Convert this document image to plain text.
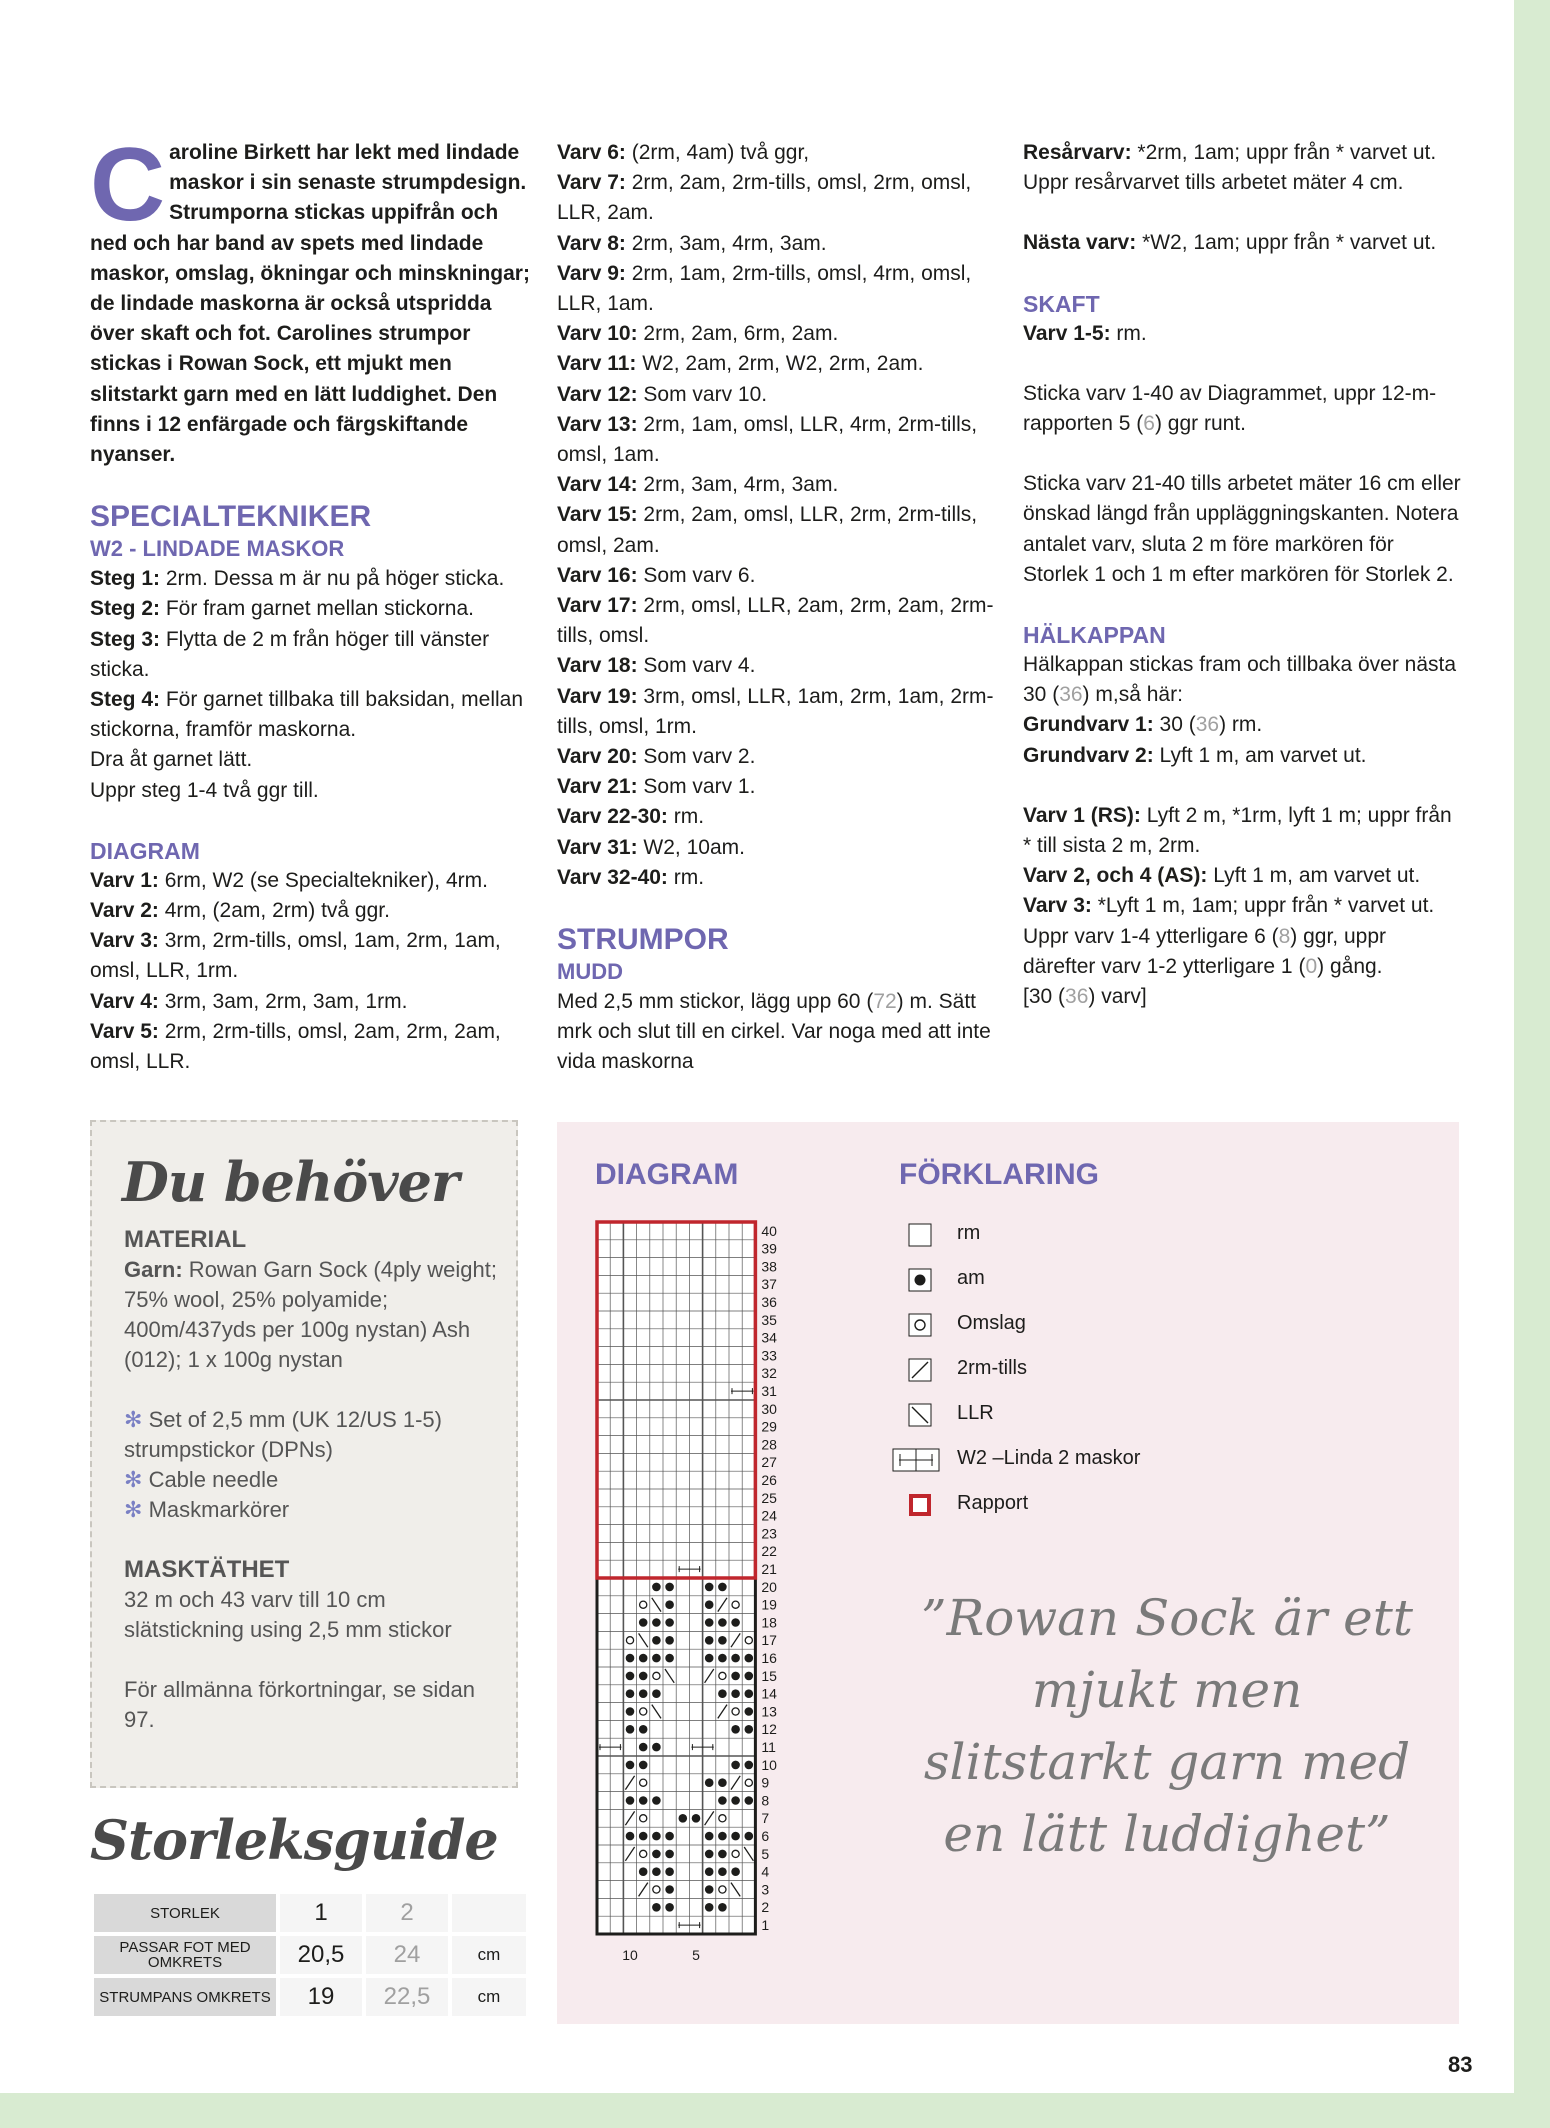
Caroline Birkett har lekt med lindade maskor i sin senaste strumpdesign. Strumporna stickas uppifrån och ned och har band av spets med lindade maskor, omslag, ökningar och minskningar; de lindade maskorna är också utspridda över skaft och fot. Carolines strumpor stickas i Rowan Sock, ett mjukt men slitstarkt garn med en lätt luddighet. Den finns i 12 enfärgade och färgskiftande nyanser.

SPECIALTEKNIKER

W2 - LINDADE MASKOR

Steg 1: 2rm. Dessa m är nu på höger sticka.

Steg 2: För fram garnet mellan stickorna.

Steg 3: Flytta de 2 m från höger till vänster sticka.

Steg 4: För garnet tillbaka till baksidan, mellan stickorna, framför maskorna.

Dra åt garnet lätt.

Uppr steg 1-4 två ggr till.

DIAGRAM

Varv 1: 6rm, W2 (se Specialtekniker), 4rm.

Varv 2: 4rm, (2am, 2rm) två ggr.

Varv 3: 3rm, 2rm-tills, omsl, 1am, 2rm, 1am, omsl, LLR, 1rm.

Varv 4: 3rm, 3am, 2rm, 3am, 1rm.

Varv 5: 2rm, 2rm-tills, omsl, 2am, 2rm, 2am, omsl, LLR.

Varv 6: (2rm, 4am) två ggr,

Varv 7: 2rm, 2am, 2rm-tills, omsl, 2rm, omsl, LLR, 2am.

Varv 8: 2rm, 3am, 4rm, 3am.

Varv 9: 2rm, 1am, 2rm-tills, omsl, 4rm, omsl, LLR, 1am.

Varv 10: 2rm, 2am, 6rm, 2am.

Varv 11: W2, 2am, 2rm, W2, 2rm, 2am.

Varv 12: Som varv 10.

Varv 13: 2rm, 1am, omsl, LLR, 4rm, 2rm-tills, omsl, 1am.

Varv 14: 2rm, 3am, 4rm, 3am.

Varv 15: 2rm, 2am, omsl, LLR, 2rm, 2rm-tills, omsl, 2am.

Varv 16: Som varv 6.

Varv 17: 2rm, omsl, LLR, 2am, 2rm, 2am, 2rm-tills, omsl.

Varv 18: Som varv 4.

Varv 19: 3rm, omsl, LLR, 1am, 2rm, 1am, 2rm-tills, omsl, 1rm.

Varv 20: Som varv 2.

Varv 21: Som varv 1.

Varv 22-30: rm.

Varv 31: W2, 10am.

Varv 32-40: rm.

STRUMPOR

MUDD

Med 2,5 mm stickor, lägg upp 60 (72) m. Sätt mrk och slut till en cirkel. Var noga med att inte vida maskorna

Resårvarv: *2rm, 1am; uppr från * varvet ut. Uppr resårvarvet tills arbetet mäter 4 cm.

Nästa varv: *W2, 1am; uppr från * varvet ut.

SKAFT

Varv 1-5: rm.

Sticka varv 1-40 av Diagrammet, uppr 12-m-rapporten 5 (6) ggr runt.

Sticka varv 21-40 tills arbetet mäter 16 cm eller önskad längd från uppläggningskanten. Notera antalet varv, sluta 2 m före markören för Storlek 1 och 1 m efter markören för Storlek 2.

HÄLKAPPAN

Hälkappan stickas fram och tillbaka över nästa 30 (36) m,så här:

Grundvarv 1: 30 (36) rm.

Grundvarv 2: Lyft 1 m, am varvet ut.

Varv 1 (RS): Lyft 2 m, *1rm, lyft 1 m; uppr från * till sista 2 m, 2rm.

Varv 2, och 4 (AS): Lyft 1 m, am varvet ut.

Varv 3: *Lyft 1 m, 1am; uppr från * varvet ut.

Uppr varv 1-4 ytterligare 6 (8) ggr, uppr därefter varv 1-2 ytterligare 1 (0) gång.

[30 (36) varv]

Du behöver
MATERIAL

Garn: Rowan Garn Sock (4ply weight; 75% wool, 25% polyamide; 400m/437yds per 100g nystan) Ash (012); 1 x 100g nystan

✻ Set of 2,5 mm (UK 12/US 1-5) strumpstickor (DPNs)

✻ Cable needle

✻ Maskmarkörer

MASKTÄTHET

32 m och 43 varv till 10 cm slätstickning using 2,5 mm stickor

För allmänna förkortningar, se sidan 97.

Storleksguide
STORLEK	1	2	
PASSAR FOT MED OMKRETS	20,5	24	cm
STRUMPANS OMKRETS	19	22,5	cm
DIAGRAM	FÖRKLARING
1
2
3
4
5
6
7
8
9
10
11
12
13
14
15
16
17
18
19
20
21
22
23
24
25
26
27
28
29
30
31
32
33
34
35
36
37
38
39
40
10	5
rm
am
Omslag
2rm-tills
LLR
W2 –Linda 2 maskor
Rapport
”Rowan Sock är ett mjukt men slitstarkt garn med en lätt luddighet”
83
